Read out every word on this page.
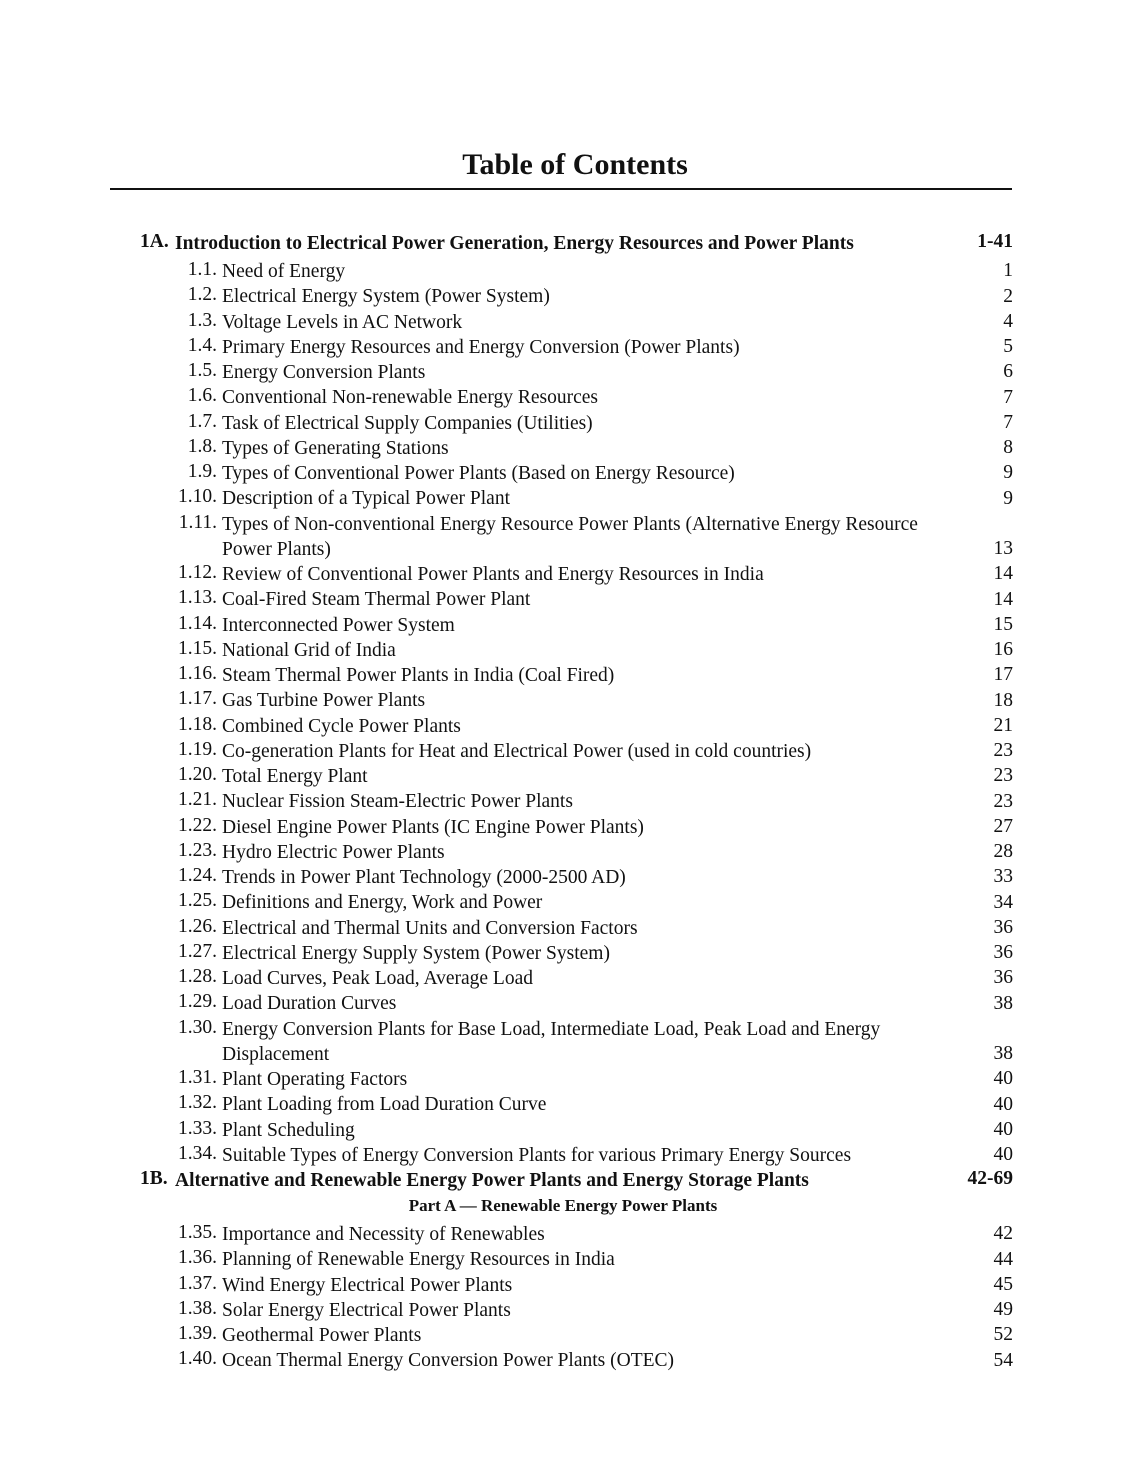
Table of Contents
1A. Introduction to Electrical Power Generation, Energy Resources and Power Plants	1-41
1.1. Need of Energy	1
1.2. Electrical Energy System (Power System)	2
1.3. Voltage Levels in AC Network	4
1.4. Primary Energy Resources and Energy Conversion (Power Plants)	5
1.5. Energy Conversion Plants	6
1.6. Conventional Non-renewable Energy Resources	7
1.7. Task of Electrical Supply Companies (Utilities)	7
1.8. Types of Generating Stations	8
1.9. Types of Conventional Power Plants (Based on Energy Resource)	9
1.10. Description of a Typical Power Plant	9
1.11. Types of Non-conventional Energy Resource Power Plants (Alternative Energy Resource Power Plants)	13
1.12. Review of Conventional Power Plants and Energy Resources in India	14
1.13. Coal-Fired Steam Thermal Power Plant	14
1.14. Interconnected Power System	15
1.15. National Grid of India	16
1.16. Steam Thermal Power Plants in India (Coal Fired)	17
1.17. Gas Turbine Power Plants	18
1.18. Combined Cycle Power Plants	21
1.19. Co-generation Plants for Heat and Electrical Power (used in cold countries)	23
1.20. Total Energy Plant	23
1.21. Nuclear Fission Steam-Electric Power Plants	23
1.22. Diesel Engine Power Plants (IC Engine Power Plants)	27
1.23. Hydro Electric Power Plants	28
1.24. Trends in Power Plant Technology (2000-2500 AD)	33
1.25. Definitions and Energy, Work and Power	34
1.26. Electrical and Thermal Units and Conversion Factors	36
1.27. Electrical Energy Supply System (Power System)	36
1.28. Load Curves, Peak Load, Average Load	36
1.29. Load Duration Curves	38
1.30. Energy Conversion Plants for Base Load, Intermediate Load, Peak Load and Energy Displacement	38
1.31. Plant Operating Factors	40
1.32. Plant Loading from Load Duration Curve	40
1.33. Plant Scheduling	40
1.34. Suitable Types of Energy Conversion Plants for various Primary Energy Sources	40
1B. Alternative and Renewable Energy Power Plants and Energy Storage Plants	42-69
Part A — Renewable Energy Power Plants
1.35. Importance and Necessity of Renewables	42
1.36. Planning of Renewable Energy Resources in India	44
1.37. Wind Energy Electrical Power Plants	45
1.38. Solar Energy Electrical Power Plants	49
1.39. Geothermal Power Plants	52
1.40. Ocean Thermal Energy Conversion Power Plants (OTEC)	54
